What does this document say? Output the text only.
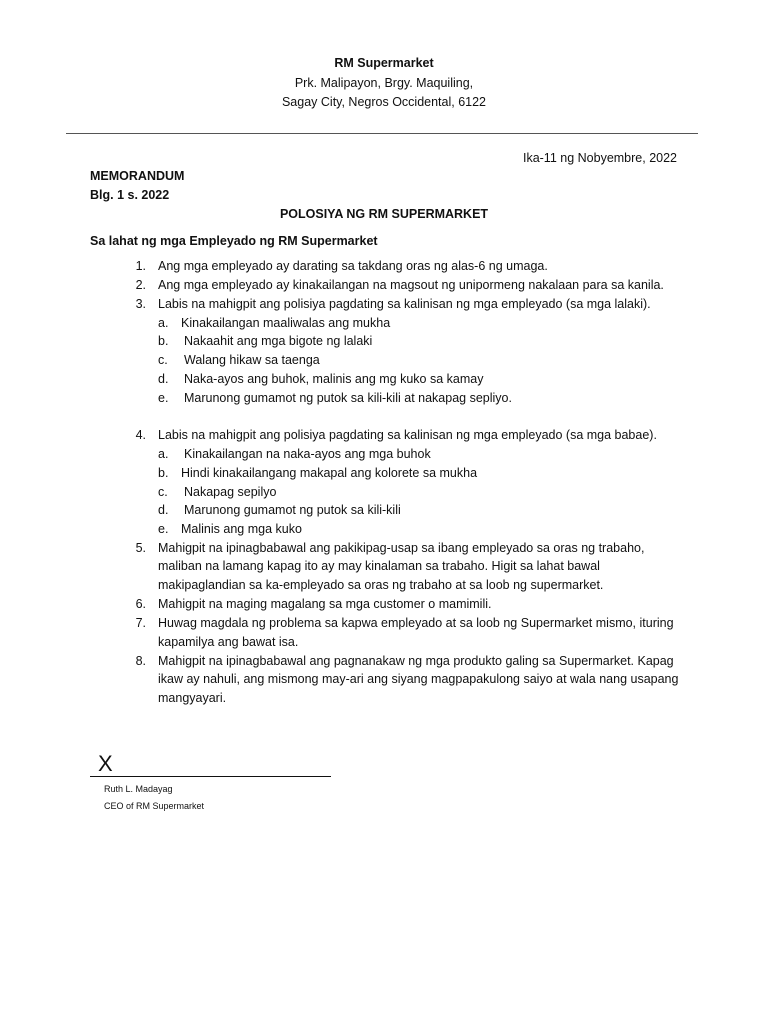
RM Supermarket
Prk. Malipayon, Brgy. Maquiling,
Sagay City, Negros Occidental, 6122
Ika-11 ng Nobyembre, 2022
MEMORANDUM
Blg. 1 s. 2022
POLOSIYA NG RM SUPERMARKET
Sa lahat ng mga Empleyado ng RM Supermarket
1. Ang mga empleyado ay darating sa takdang oras ng alas-6 ng umaga.
2. Ang mga empleyado ay kinakailangan na magsout ng unipormeng nakalaan para sa kanila.
3. Labis na mahigpit ang polisiya pagdating sa kalinisan ng mga empleyado (sa mga lalaki).
a.	Kinakailangan maaliwalas ang mukha
b.	Nakaahit ang mga bigote ng lalaki
c.	Walang hikaw sa taenga
d.	Naka-ayos ang buhok, malinis ang mg kuko sa kamay
e.	Marunong gumamot ng putok sa kili-kili at nakapag sepliyo.
4. Labis na mahigpit ang polisiya pagdating sa kalinisan ng mga empleyado (sa mga babae).
a.	Kinakailangan na naka-ayos ang mga buhok
b.	Hindi kinakailangang makapal ang kolorete sa mukha
c.	Nakapag sepilyo
d.	Marunong gumamot ng putok sa kili-kili
e.	Malinis ang mga kuko
5. Mahigpit na ipinagbabawal ang pakikipag-usap sa ibang empleyado sa oras ng trabaho,
maliban na lamang kapag ito ay may kinalaman sa trabaho. Higit sa lahat bawal
makipaglandian sa ka-empleyado sa oras ng trabaho at sa loob ng supermarket.
6. Mahigpit na maging magalang sa mga customer o mamimili.
7. Huwag magdala ng problema sa kapwa empleyado at sa loob ng Supermarket mismo, ituring
kapamilya ang bawat isa.
8. Mahigpit na ipinagbabawal ang pagnanakaw ng mga produkto galing sa Supermarket. Kapag
ikaw ay nahuli, ang mismong may-ari ang siyang magpapakulong saiyo at wala nang usapang
mangyayari.
X
Ruth L. Madayag
CEO of RM Supermarket
